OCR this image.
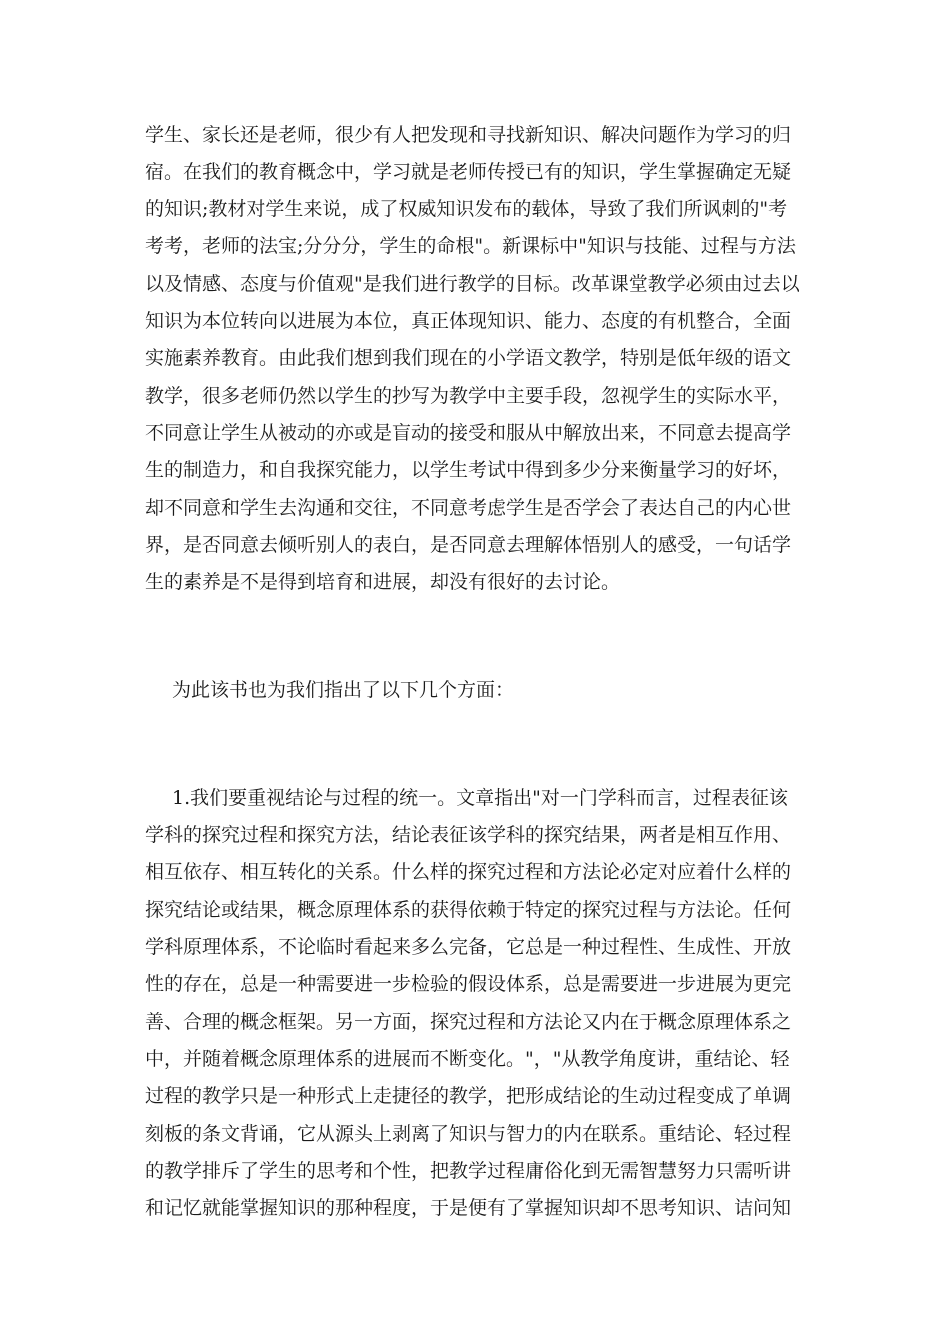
学生、家长还是老师，很少有人把发现和寻找新知识、解决问题作为学习的归

宿。在我们的教育概念中，学习就是老师传授已有的知识，学生掌握确定无疑

的知识;教材对学生来说，成了权威知识发布的载体，导致了我们所讽刺的"考

考考，老师的法宝;分分分，学生的命根"。新课标中"知识与技能、过程与方法

以及情感、态度与价值观"是我们进行教学的目标。改革课堂教学必须由过去以

知识为本位转向以进展为本位，真正体现知识、能力、态度的有机整合，全面

实施素养教育。由此我们想到我们现在的小学语文教学，特别是低年级的语文

教学，很多老师仍然以学生的抄写为教学中主要手段，忽视学生的实际水平，

不同意让学生从被动的亦或是盲动的接受和服从中解放出来，不同意去提高学

生的制造力，和自我探究能力，以学生考试中得到多少分来衡量学习的好坏，

却不同意和学生去沟通和交往，不同意考虑学生是否学会了表达自己的内心世

界，是否同意去倾听别人的表白，是否同意去理解体悟别人的感受，一句话学

生的素养是不是得到培育和进展，却没有很好的去讨论。

为此该书也为我们指出了以下几个方面：

1.我们要重视结论与过程的统一。文章指出"对一门学科而言，过程表征该

学科的探究过程和探究方法，结论表征该学科的探究结果，两者是相互作用、

相互依存、相互转化的关系。什么样的探究过程和方法论必定对应着什么样的

探究结论或结果，概念原理体系的获得依赖于特定的探究过程与方法论。任何

学科原理体系，不论临时看起来多么完备，它总是一种过程性、生成性、开放

性的存在，总是一种需要进一步检验的假设体系，总是需要进一步进展为更完

善、合理的概念框架。另一方面，探究过程和方法论又内在于概念原理体系之

中，并随着概念原理体系的进展而不断变化。"，"从教学角度讲，重结论、轻

过程的教学只是一种形式上走捷径的教学，把形成结论的生动过程变成了单调

刻板的条文背诵，它从源头上剥离了知识与智力的内在联系。重结论、轻过程

的教学排斥了学生的思考和个性，把教学过程庸俗化到无需智慧努力只需听讲

和记忆就能掌握知识的那种程度，于是便有了掌握知识却不思考知识、诘问知
